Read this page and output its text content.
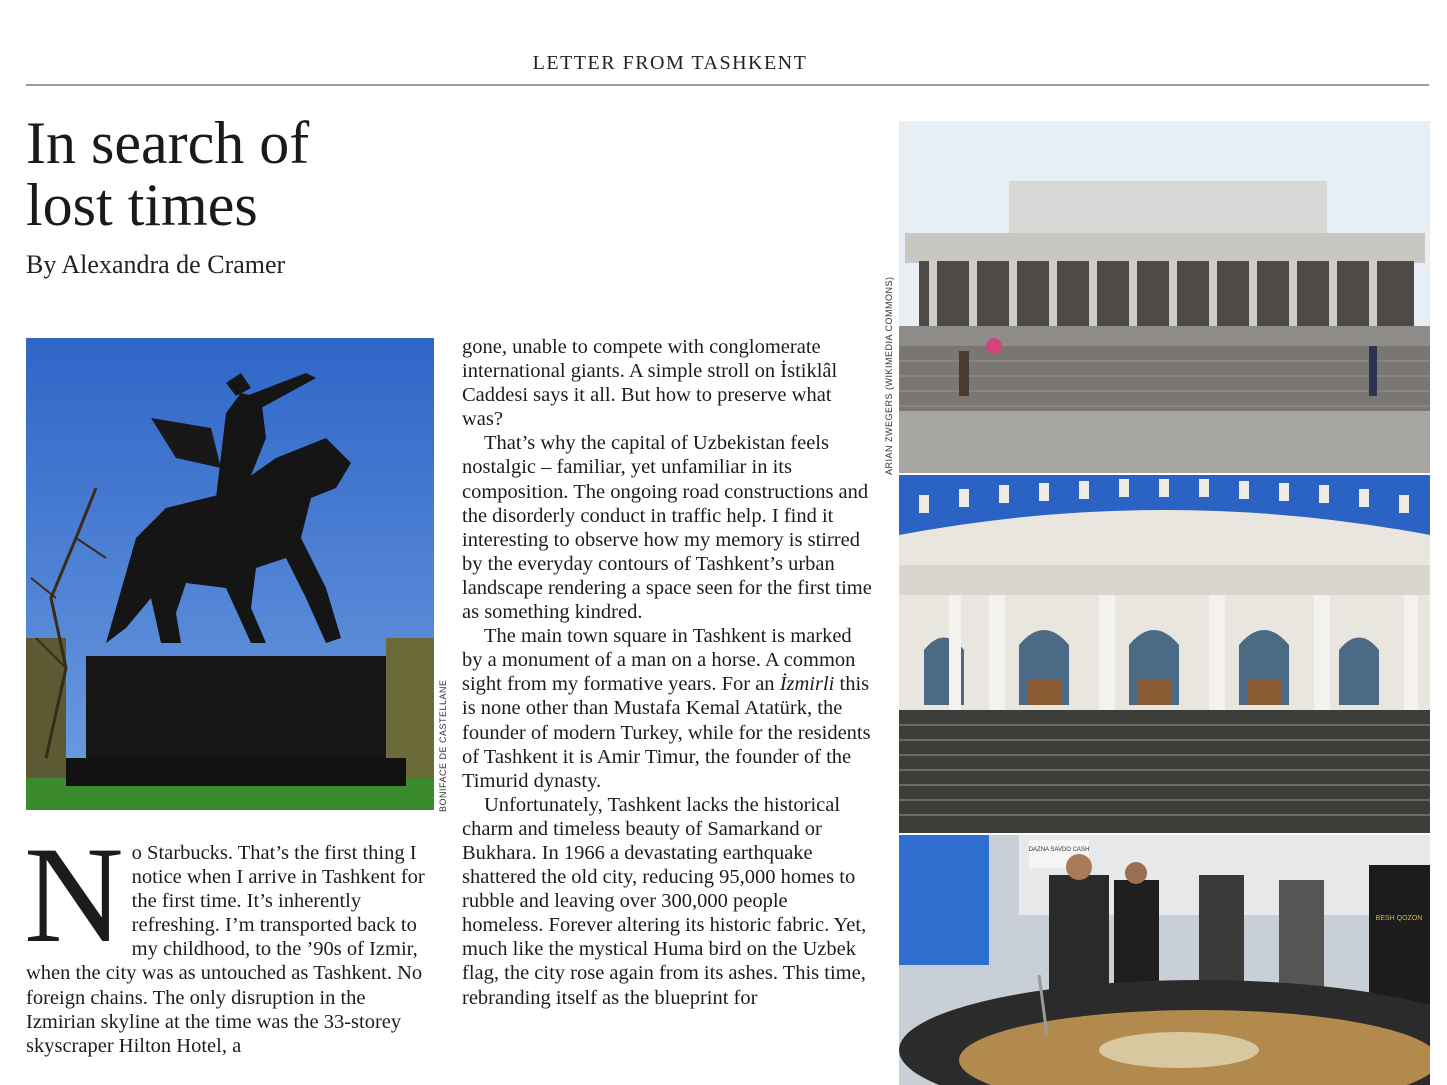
LETTER FROM TASHKENT
In search of
lost times
By Alexandra de Cramer
BONIFACE DE CASTELLANE
ARIAN ZWEGERS (WIKIMEDIA COMMONS)
DAZNA SAVDO CASH
BESH QOZON
N o Starbucks. That’s the first thing I notice when I arrive in Tashkent for the first time. It’s inherently refreshing. I’m transported back to my childhood, to the ’90s of Izmir, when the city was as untouched as Tashkent. No foreign chains. The only disruption in the Izmirian skyline at the time was the 33-storey skyscraper Hilton Hotel, a

gone, unable to compete with conglomerate international giants. A simple stroll on İstiklâl Caddesi says it all. But how to preserve what was?

That’s why the capital of Uzbekistan feels nostalgic – familiar, yet unfamiliar in its composition. The ongoing road constructions and the disorderly conduct in traffic help. I find it interesting to observe how my memory is stirred by the everyday contours of Tashkent’s urban landscape rendering a space seen for the first time as something kindred.

The main town square in Tashkent is marked by a monument of a man on a horse. A common sight from my formative years. For an İzmirli this is none other than Mustafa Kemal Atatürk, the founder of modern Turkey, while for the residents of Tashkent it is Amir Timur, the founder of the Timurid dynasty.

Unfortunately, Tashkent lacks the historical charm and timeless beauty of Samarkand or Bukhara. In 1966 a devastating earthquake shattered the old city, reducing 95,000 homes to rubble and leaving over 300,000 people homeless. Forever altering its historic fabric. Yet, much like the mystical Huma bird on the Uzbek flag, the city rose again from its ashes. This time, rebranding itself as the blueprint for
